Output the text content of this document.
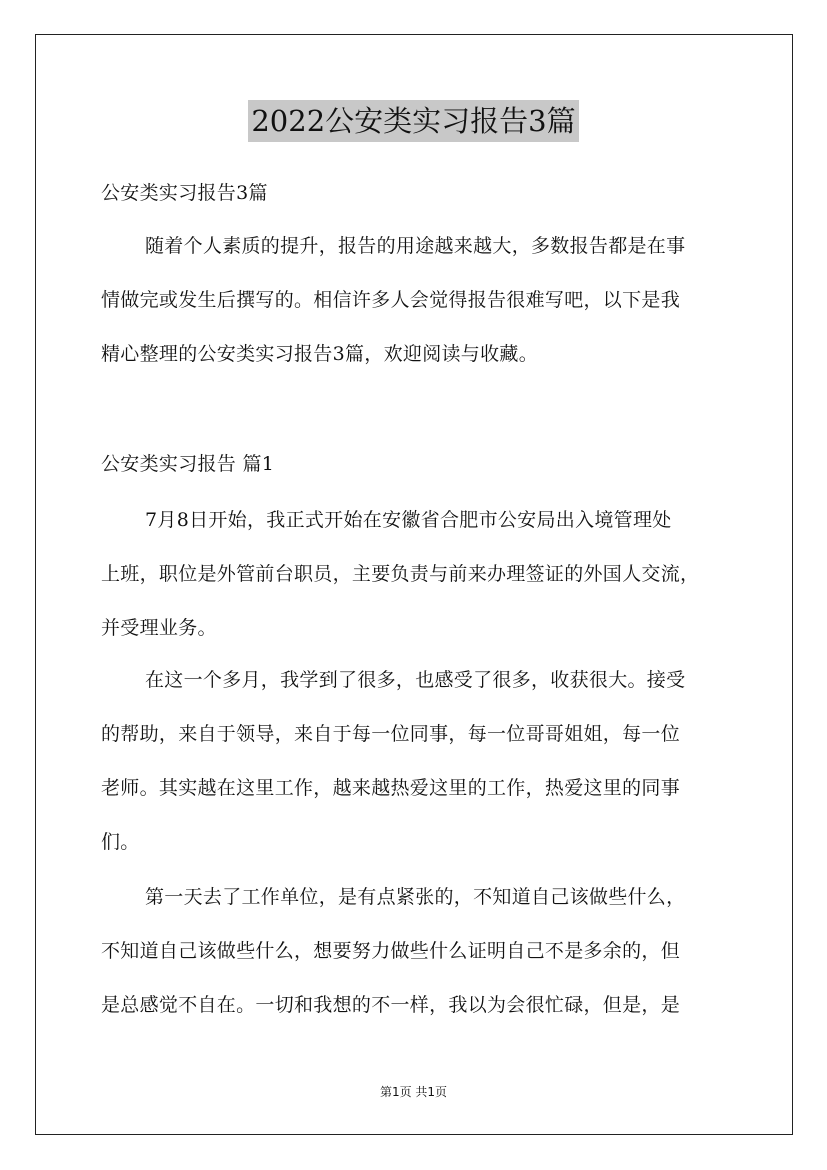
2022公安类实习报告3篇
公安类实习报告3篇
随着个人素质的提升，报告的用途越来越大，多数报告都是在事
情做完或发生后撰写的。相信许多人会觉得报告很难写吧，以下是我
精心整理的公安类实习报告3篇，欢迎阅读与收藏。
公安类实习报告 篇1
7月8日开始，我正式开始在安徽省合肥市公安局出入境管理处
上班，职位是外管前台职员，主要负责与前来办理签证的外国人交流，
并受理业务。
在这一个多月，我学到了很多，也感受了很多，收获很大。接受
的帮助，来自于领导，来自于每一位同事，每一位哥哥姐姐，每一位
老师。其实越在这里工作，越来越热爱这里的工作，热爱这里的同事
们。
第一天去了工作单位，是有点紧张的，不知道自己该做些什么，
不知道自己该做些什么，想要努力做些什么证明自己不是多余的，但
是总感觉不自在。一切和我想的不一样，我以为会很忙碌，但是，是
第1页 共1页
